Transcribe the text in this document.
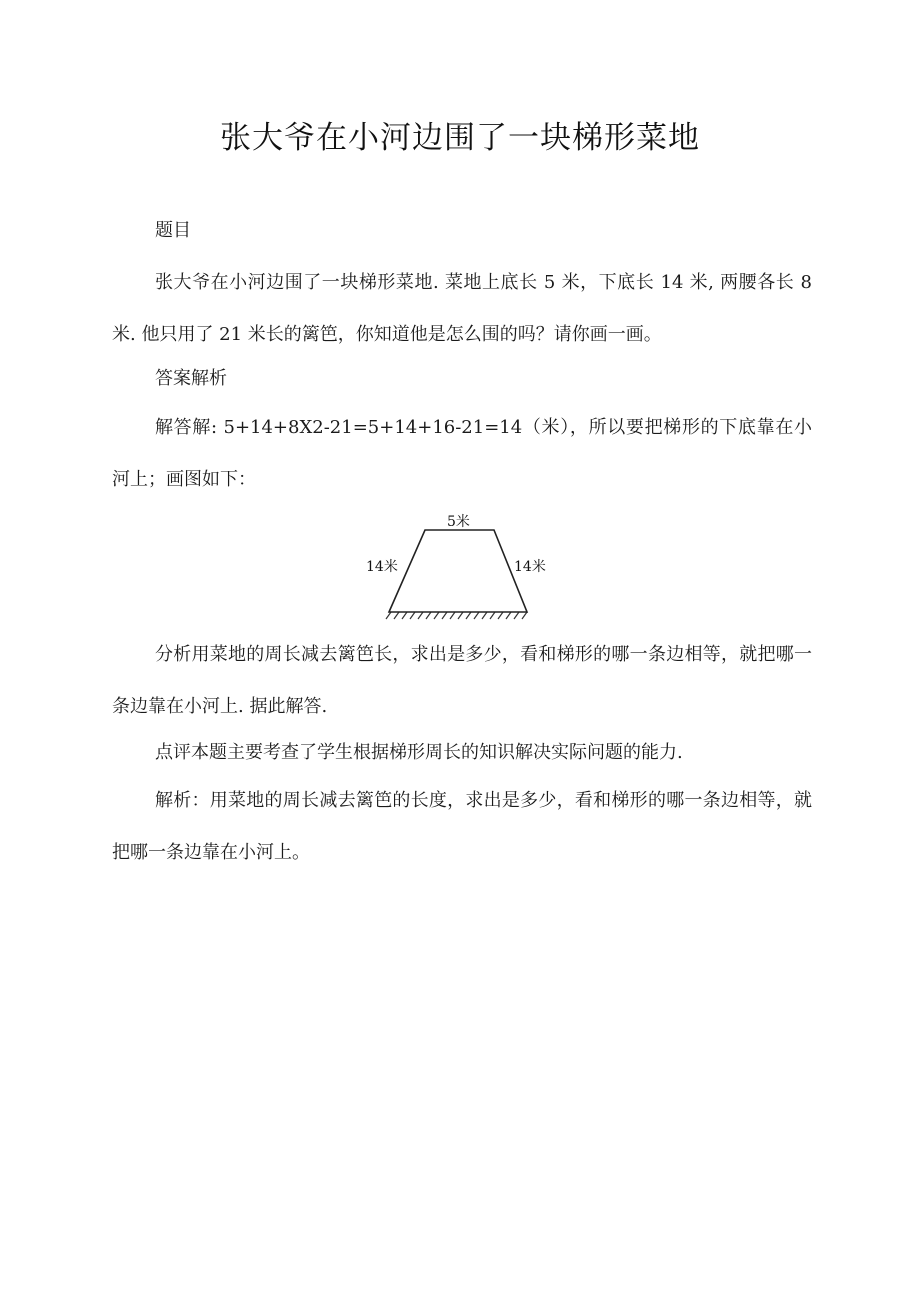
张大爷在小河边围了一块梯形菜地

题目

张大爷在小河边围了一块梯形菜地. 菜地上底长 5 米，下底长 14 米, 两腰各长 8 米. 他只用了 21 米长的篱笆，你知道他是怎么围的吗？请你画一画。

答案解析

解答解: 5+14+8X2-21=5+14+16-21=14（米），所以要把梯形的下底靠在小河上；画图如下：

5米
14米	14米

分析用菜地的周长减去篱笆长，求出是多少，看和梯形的哪一条边相等，就把哪一条边靠在小河上. 据此解答.

点评本题主要考查了学生根据梯形周长的知识解决实际问题的能力.

解析：用菜地的周长减去篱笆的长度，求出是多少，看和梯形的哪一条边相等，就把哪一条边靠在小河上。
